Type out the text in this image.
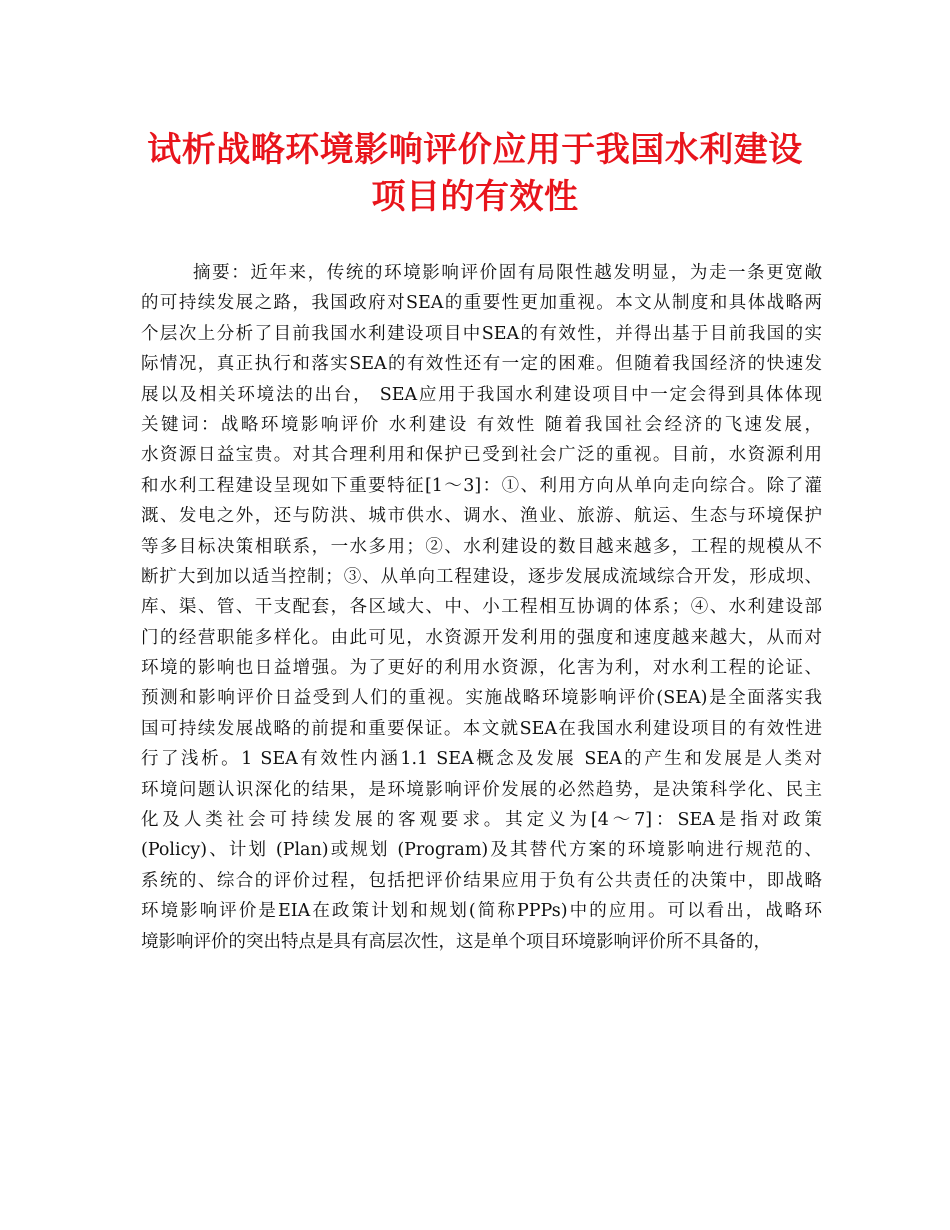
试析战略环境影响评价应用于我国水利建设
项目的有效性
摘要：近年来，传统的环境影响评价固有局限性越发明显，为走一条更宽敞
的可持续发展之路，我国政府对SEA的重要性更加重视。本文从制度和具体战略两
个层次上分析了目前我国水利建设项目中SEA的有效性，并得出基于目前我国的实
际情况，真正执行和落实SEA的有效性还有一定的困难。但随着我国经济的快速发
展以及相关环境法的出台， SEA应用于我国水利建设项目中一定会得到具体体现
关键词：战略环境影响评价 水利建设 有效性 随着我国社会经济的飞速发展，
水资源日益宝贵。对其合理利用和保护已受到社会广泛的重视。目前，水资源利用
和水利工程建设呈现如下重要特征[1～3]：①、利用方向从单向走向综合。除了灌
溉、发电之外，还与防洪、城市供水、调水、渔业、旅游、航运、生态与环境保护
等多目标决策相联系，一水多用；②、水利建设的数目越来越多，工程的规模从不
断扩大到加以适当控制；③、从单向工程建设，逐步发展成流域综合开发，形成坝、
库、渠、管、干支配套，各区域大、中、小工程相互协调的体系；④、水利建设部
门的经营职能多样化。由此可见，水资源开发利用的强度和速度越来越大，从而对
环境的影响也日益增强。为了更好的利用水资源，化害为利，对水利工程的论证、
预测和影响评价日益受到人们的重视。实施战略环境影响评价(SEA)是全面落实我
国可持续发展战略的前提和重要保证。本文就SEA在我国水利建设项目的有效性进
行了浅析。1 SEA有效性内涵1.1 SEA概念及发展 SEA的产生和发展是人类对
环境问题认识深化的结果，是环境影响评价发展的必然趋势，是决策科学化、民主
化及人类社会可持续发展的客观要求。其定义为[4～7]：SEA是指对政策
(Policy)、计划 (Plan)或规划 (Program)及其替代方案的环境影响进行规范的、
系统的、综合的评价过程，包括把评价结果应用于负有公共责任的决策中，即战略
环境影响评价是EIA在政策计划和规划(简称PPPs)中的应用。可以看出，战略环
境影响评价的突出特点是具有高层次性，这是单个项目环境影响评价所不具备的，
